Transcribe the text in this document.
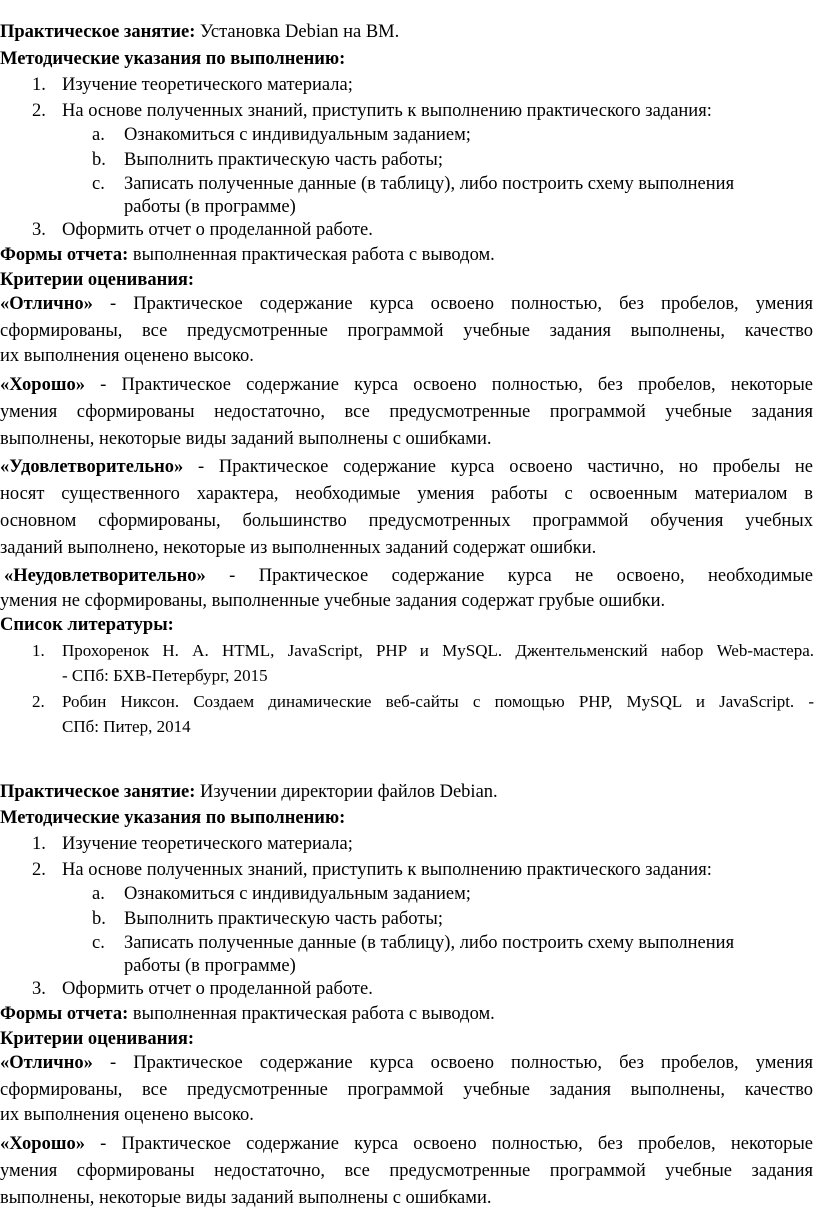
Практическое занятие: Установка Debian на ВМ.
Методические указания по выполнению:
1. Изучение теоретического материала;
2. На основе полученных знаний, приступить к выполнению практического задания:
a. Ознакомиться с индивидуальным заданием;
b. Выполнить практическую часть работы;
c. Записать полученные данные (в таблицу), либо построить схему выполнения
работы (в программе)
3. Оформить отчет о проделанной работе.
Формы отчета: выполненная практическая работа с выводом.
Критерии оценивания:
«Отлично» - Практическое содержание курса освоено полностью, без пробелов, умения
сформированы, все предусмотренные программой учебные задания выполнены, качество
их выполнения оценено высоко.
«Хорошо» - Практическое содержание курса освоено полностью, без пробелов, некоторые
умения сформированы недостаточно, все предусмотренные программой учебные задания
выполнены, некоторые виды заданий выполнены с ошибками.
«Удовлетворительно» - Практическое содержание курса освоено частично, но пробелы не
носят существенного характера, необходимые умения работы с освоенным материалом в
основном сформированы, большинство предусмотренных программой обучения учебных
заданий выполнено, некоторые из выполненных заданий содержат ошибки.
«Неудовлетворительно» - Практическое содержание курса не освоено, необходимые
умения не сформированы, выполненные учебные задания содержат грубые ошибки.
Список литературы:
1. Прохоренок Н. А. HTML, JavaScript, PHP и MySQL. Джентельменский набор Web-мастера.
- СПб: БХВ-Петербург, 2015
2. Робин Никсон. Создаем динамические веб-сайты с помощью PHP, MySQL и JavaScript. -
СПб: Питер, 2014
Практическое занятие: Изучении директории файлов Debian.
Методические указания по выполнению:
1. Изучение теоретического материала;
2. На основе полученных знаний, приступить к выполнению практического задания:
a. Ознакомиться с индивидуальным заданием;
b. Выполнить практическую часть работы;
c. Записать полученные данные (в таблицу), либо построить схему выполнения
работы (в программе)
3. Оформить отчет о проделанной работе.
Формы отчета: выполненная практическая работа с выводом.
Критерии оценивания:
«Отлично» - Практическое содержание курса освоено полностью, без пробелов, умения
сформированы, все предусмотренные программой учебные задания выполнены, качество
их выполнения оценено высоко.
«Хорошо» - Практическое содержание курса освоено полностью, без пробелов, некоторые
умения сформированы недостаточно, все предусмотренные программой учебные задания
выполнены, некоторые виды заданий выполнены с ошибками.
